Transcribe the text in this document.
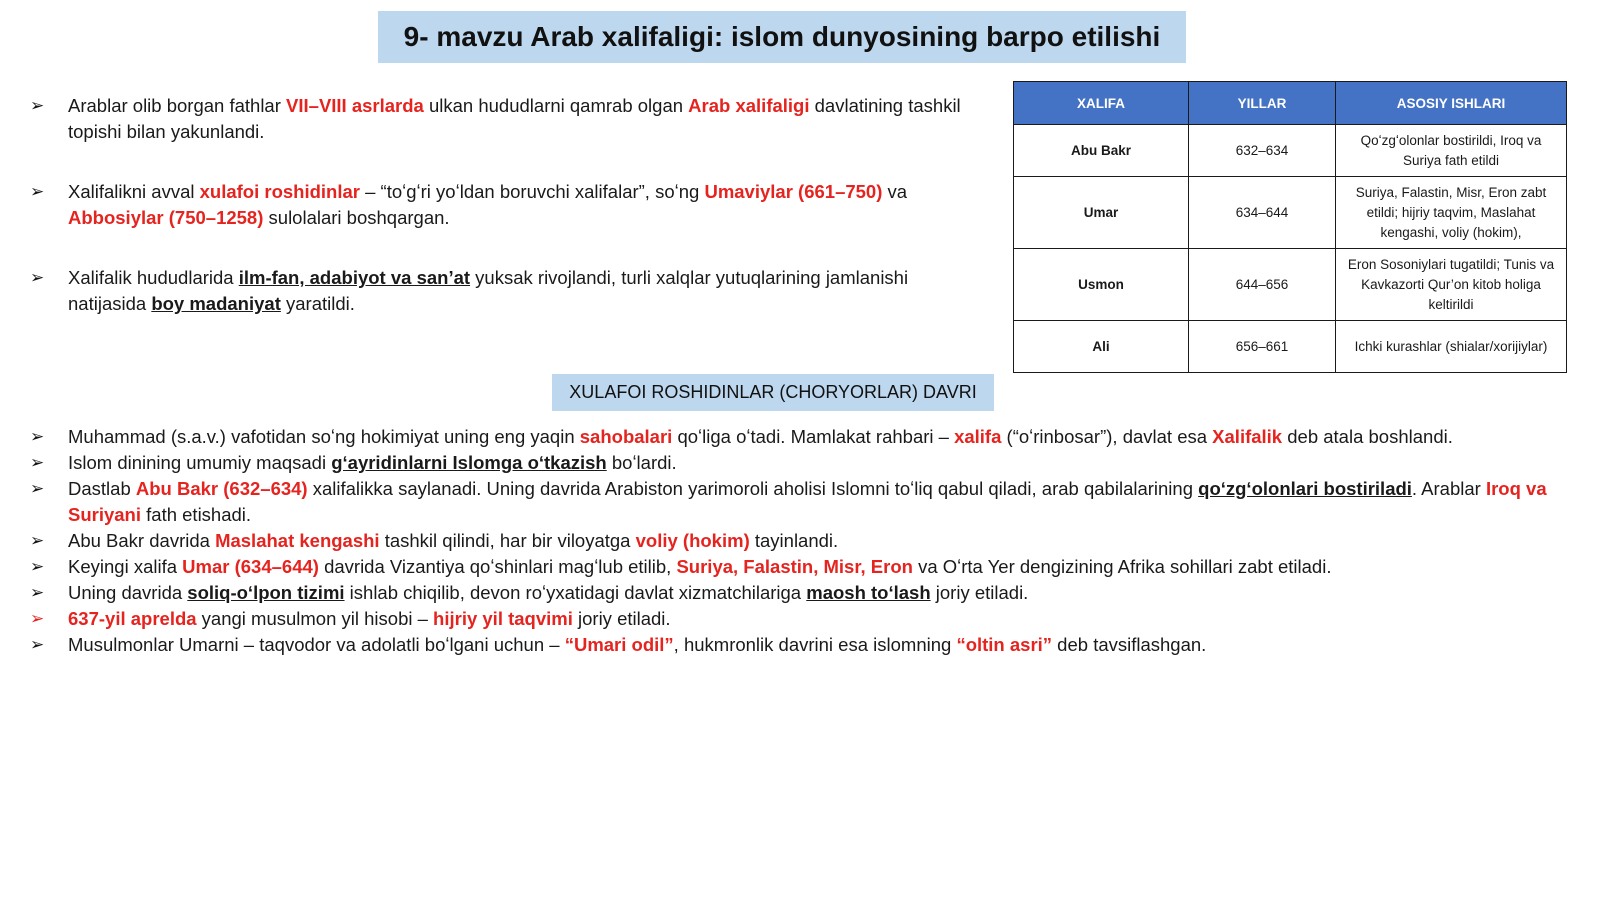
9- mavzu Arab xalifaligi: islom dunyosining barpo etilishi
➢ Arablar olib borgan fathlar VII–VIII asrlarda ulkan hududlarni qamrab olgan Arab xalifaligi davlatining tashkil topishi bilan yakunlandi.
➢ Xalifalikni avval xulafoi roshidinlar – “toʻgʻri yoʻldan boruvchi xalifalar”, soʻng Umaviylar (661–750) va Abbosiylar (750–1258) sulolalari boshqargan.
➢ Xalifalik hududlarida ilm-fan, adabiyot va san’at yuksak rivojlandi, turli xalqlar yutuqlarining jamlanishi natijasida boy madaniyat yaratildi.
XALIFA	YILLAR	ASOSIY ISHLARI
Abu Bakr	632–634	Qoʻzgʻolonlar bostirildi, Iroq va Suriya fath etildi
Umar	634–644	Suriya, Falastin, Misr, Eron zabt etildi; hijriy taqvim, Maslahat kengashi, voliy (hokim),
Usmon	644–656	Eron Sosoniylari tugatildi; Tunis va Kavkazorti Qur’on kitob holiga keltirildi
Ali	656–661	Ichki kurashlar (shialar/xorijiylar)
XULAFOI ROSHIDINLAR (CHORYORLAR) DAVRI
➢ Muhammad (s.a.v.) vafotidan soʻng hokimiyat uning eng yaqin sahobalari qoʻliga oʻtadi. Mamlakat rahbari – xalifa (“oʻrinbosar”), davlat esa Xalifalik deb atala boshlandi.
➢ Islom dinining umumiy maqsadi gʻayridinlarni Islomga oʻtkazish boʻlardi.
➢ Dastlab Abu Bakr (632–634) xalifalikka saylanadi. Uning davrida Arabiston yarimoroli aholisi Islomni toʻliq qabul qiladi, arab qabilalarining qoʻzgʻolonlari bostiriladi. Arablar Iroq va Suriyani fath etishadi.
➢ Abu Bakr davrida Maslahat kengashi tashkil qilindi, har bir viloyatga voliy (hokim) tayinlandi.
➢ Keyingi xalifa Umar (634–644) davrida Vizantiya qoʻshinlari magʻlub etilib, Suriya, Falastin, Misr, Eron va Oʻrta Yer dengizining Afrika sohillari zabt etiladi.
➢ Uning davrida soliq-oʻlpon tizimi ishlab chiqilib, devon roʻyxatidagi davlat xizmatchilariga maosh toʻlash joriy etiladi.
➢ 637-yil aprelda yangi musulmon yil hisobi – hijriy yil taqvimi joriy etiladi.
➢ Musulmonlar Umarni – taqvodor va adolatli boʻlgani uchun – “Umari odil”, hukmronlik davrini esa islomning “oltin asri” deb tavsiflashgan.
